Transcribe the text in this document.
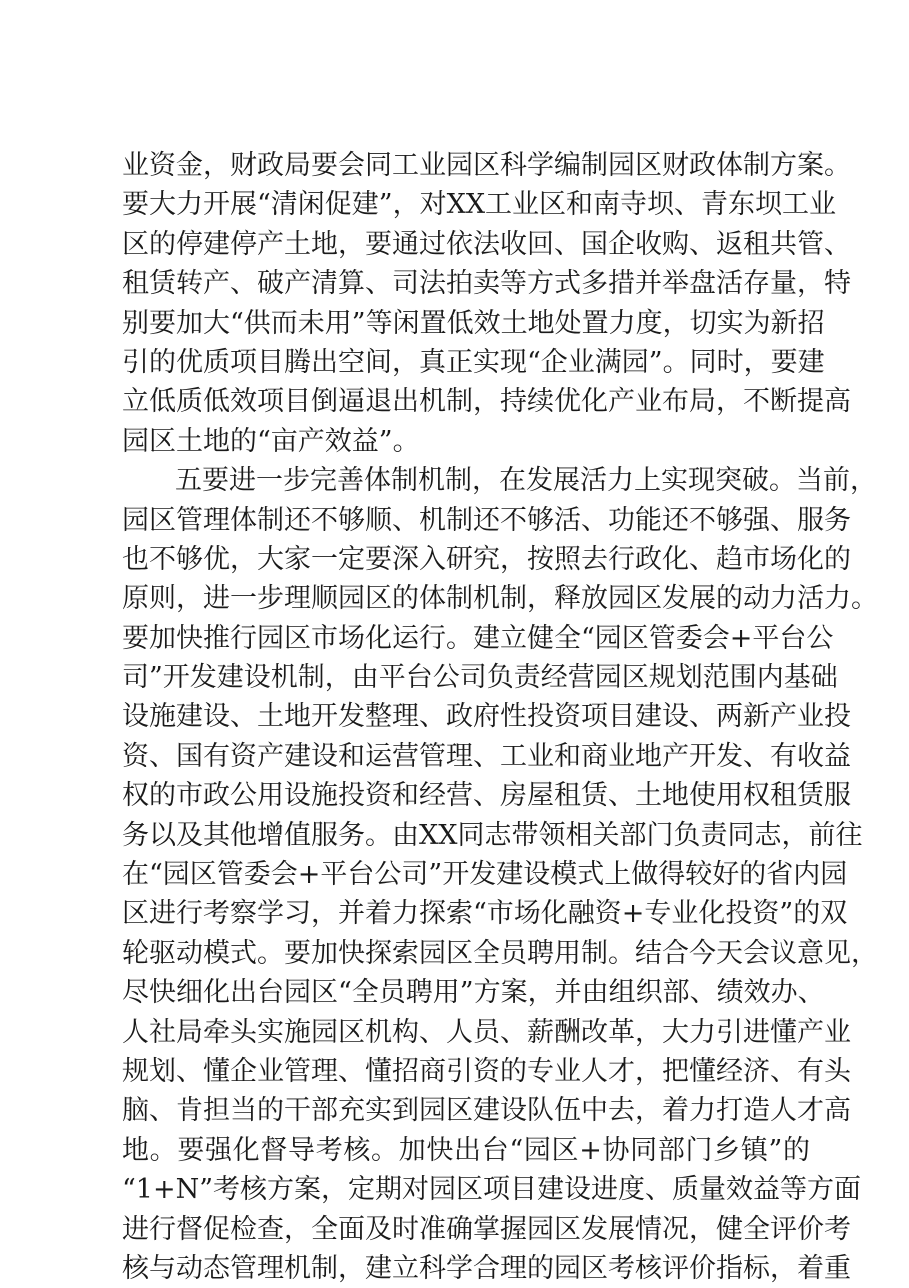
业资金，财政局要会同工业园区科学编制园区财政体制方案。
要大力开展“清闲促建”，对XX工业区和南寺坝、青东坝工业
区的停建停产土地，要通过依法收回、国企收购、返租共管、
租赁转产、破产清算、司法拍卖等方式多措并举盘活存量，特
别要加大“供而未用”等闲置低效土地处置力度，切实为新招
引的优质项目腾出空间，真正实现“企业满园”。同时，要建
立低质低效项目倒逼退出机制，持续优化产业布局，不断提高
园区土地的“亩产效益”。
五要进一步完善体制机制，在发展活力上实现突破。当前，
园区管理体制还不够顺、机制还不够活、功能还不够强、服务
也不够优，大家一定要深入研究，按照去行政化、趋市场化的
原则，进一步理顺园区的体制机制，释放园区发展的动力活力。
要加快推行园区市场化运行。建立健全“园区管委会+平台公
司”开发建设机制，由平台公司负责经营园区规划范围内基础
设施建设、土地开发整理、政府性投资项目建设、两新产业投
资、国有资产建设和运营管理、工业和商业地产开发、有收益
权的市政公用设施投资和经营、房屋租赁、土地使用权租赁服
务以及其他增值服务。由XX同志带领相关部门负责同志，前往
在“园区管委会+平台公司”开发建设模式上做得较好的省内园
区进行考察学习，并着力探索“市场化融资+专业化投资”的双
轮驱动模式。要加快探索园区全员聘用制。结合今天会议意见，
尽快细化出台园区“全员聘用”方案，并由组织部、绩效办、
人社局牵头实施园区机构、人员、薪酬改革，大力引进懂产业
规划、懂企业管理、懂招商引资的专业人才，把懂经济、有头
脑、肯担当的干部充实到园区建设队伍中去，着力打造人才高
地。要强化督导考核。加快出台“园区+协同部门乡镇”的
“1+N”考核方案，定期对园区项目建设进度、质量效益等方面
进行督促检查，全面及时准确掌握园区发展情况，健全评价考
核与动态管理机制，建立科学合理的园区考核评价指标，着重
